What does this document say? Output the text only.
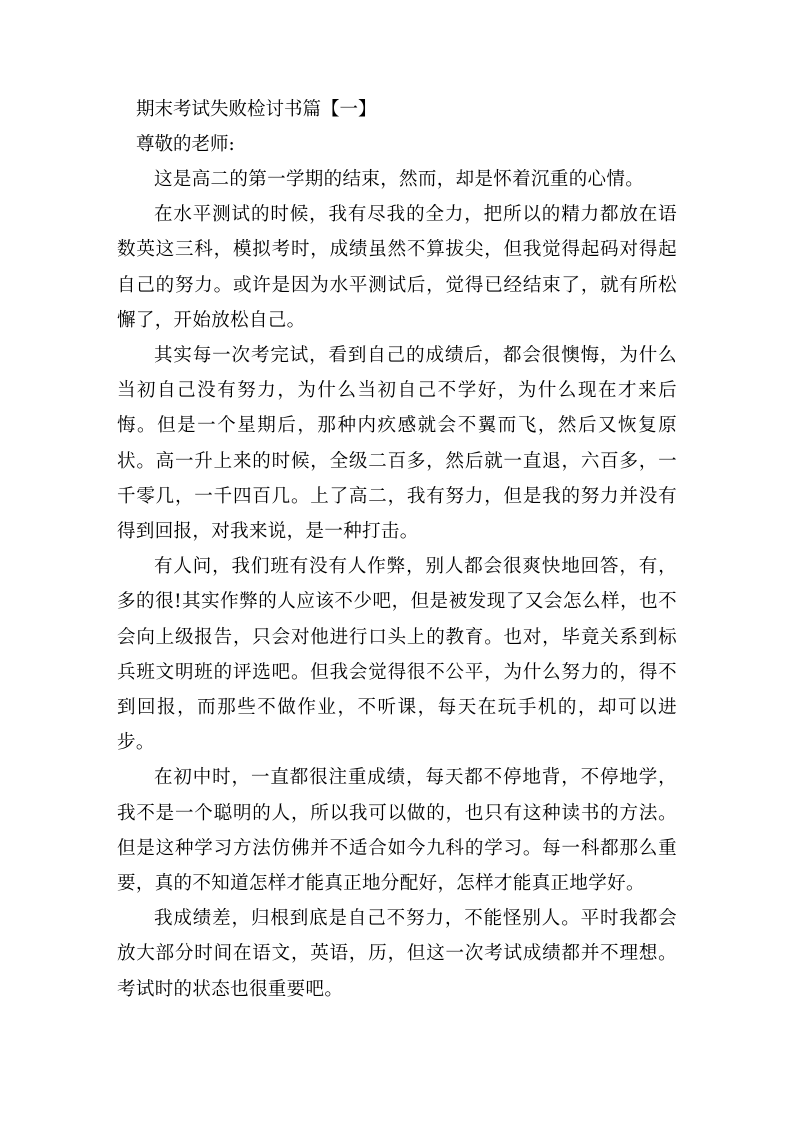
期末考试失败检讨书篇【一】

尊敬的老师:

这是高二的第一学期的结束，然而，却是怀着沉重的心情。

在水平测试的时候，我有尽我的全力，把所以的精力都放在语数英这三科，模拟考时，成绩虽然不算拔尖，但我觉得起码对得起自己的努力。或许是因为水平测试后，觉得已经结束了，就有所松懈了，开始放松自己。

其实每一次考完试，看到自己的成绩后，都会很懊悔，为什么当初自己没有努力，为什么当初自己不学好，为什么现在才来后悔。但是一个星期后，那种内疚感就会不翼而飞，然后又恢复原状。高一升上来的时候，全级二百多，然后就一直退，六百多，一千零几，一千四百几。上了高二，我有努力，但是我的努力并没有得到回报，对我来说，是一种打击。

有人问，我们班有没有人作弊，别人都会很爽快地回答，有，多的很!其实作弊的人应该不少吧，但是被发现了又会怎么样，也不会向上级报告，只会对他进行口头上的教育。也对，毕竟关系到标兵班文明班的评选吧。但我会觉得很不公平，为什么努力的，得不到回报，而那些不做作业，不听课，每天在玩手机的，却可以进步。

在初中时，一直都很注重成绩，每天都不停地背，不停地学，我不是一个聪明的人，所以我可以做的，也只有这种读书的方法。但是这种学习方法仿佛并不适合如今九科的学习。每一科都那么重要，真的不知道怎样才能真正地分配好，怎样才能真正地学好。

我成绩差，归根到底是自己不努力，不能怪别人。平时我都会放大部分时间在语文，英语，历，但这一次考试成绩都并不理想。考试时的状态也很重要吧。
